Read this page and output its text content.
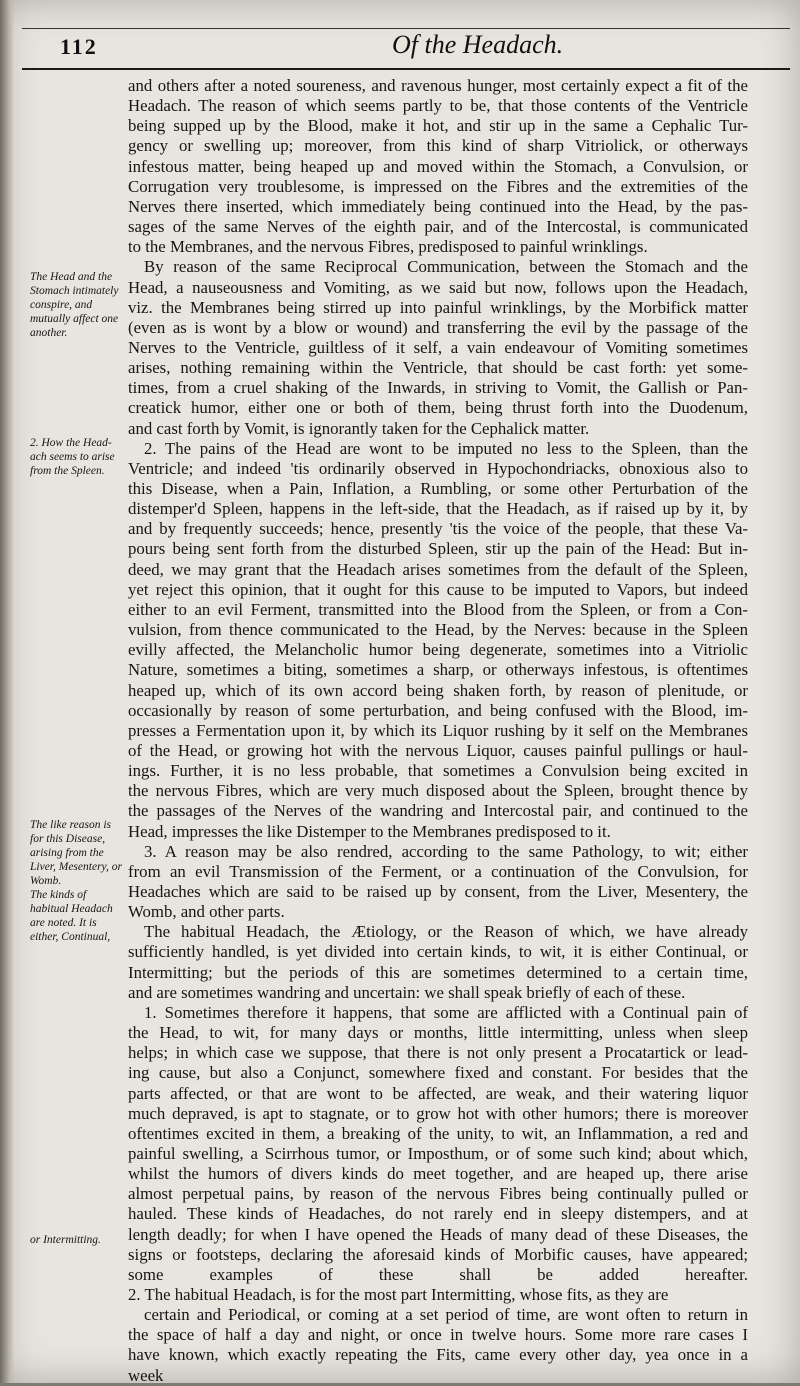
112	Of the Headach.
The Head and the Stomach intimately conspire, and mutually affect one another.
2. How the Head-ach seems to arise from the Spleen.
The like reason is for this Disease, arising from the Liver, Mesentery, or Womb.
The kinds of habitual Headach are noted. It is either, Continual,
or Intermitting.
and others after a noted soureness, and ravenous hunger, most certainly expect a fit of the
Headach. The reason of which seems partly to be, that those contents of the Ventricle
being supped up by the Blood, make it hot, and stir up in the same a Cephalic Tur-
gency or swelling up; moreover, from this kind of sharp Vitriolick, or otherways
infestous matter, being heaped up and moved within the Stomach, a Convulsion, or
Corrugation very troublesome, is impressed on the Fibres and the extremities of the
Nerves there inserted, which immediately being continued into the Head, by the pas-
sages of the same Nerves of the eighth pair, and of the Intercostal, is communicated
to the Membranes, and the nervous Fibres, predisposed to painful wrinklings.
By reason of the same Reciprocal Communication, between the Stomach and the
Head, a nauseousness and Vomiting, as we said but now, follows upon the Headach,
viz. the Membranes being stirred up into painful wrinklings, by the Morbifick matter
(even as is wont by a blow or wound) and transferring the evil by the passage of the
Nerves to the Ventricle, guiltless of it self, a vain endeavour of Vomiting sometimes
arises, nothing remaining within the Ventricle, that should be cast forth: yet some-
times, from a cruel shaking of the Inwards, in striving to Vomit, the Gallish or Pan-
creatick humor, either one or both of them, being thrust forth into the Duodenum,
and cast forth by Vomit, is ignorantly taken for the Cephalick matter.
2. The pains of the Head are wont to be imputed no less to the Spleen, than the
Ventricle; and indeed 'tis ordinarily observed in Hypochondriacks, obnoxious also to
this Disease, when a Pain, Inflation, a Rumbling, or some other Perturbation of the
distemper'd Spleen, happens in the left-side, that the Headach, as if raised up by it, by
and by frequently succeeds; hence, presently 'tis the voice of the people, that these Va-
pours being sent forth from the disturbed Spleen, stir up the pain of the Head: But in-
deed, we may grant that the Headach arises sometimes from the default of the Spleen,
yet reject this opinion, that it ought for this cause to be imputed to Vapors, but indeed
either to an evil Ferment, transmitted into the Blood from the Spleen, or from a Con-
vulsion, from thence communicated to the Head, by the Nerves: because in the Spleen
evilly affected, the Melancholic humor being degenerate, sometimes into a Vitriolic
Nature, sometimes a biting, sometimes a sharp, or otherways infestous, is oftentimes
heaped up, which of its own accord being shaken forth, by reason of plenitude, or
occasionally by reason of some perturbation, and being confused with the Blood, im-
presses a Fermentation upon it, by which its Liquor rushing by it self on the Membranes
of the Head, or growing hot with the nervous Liquor, causes painful pullings or haul-
ings. Further, it is no less probable, that sometimes a Convulsion being excited in
the nervous Fibres, which are very much disposed about the Spleen, brought thence by
the passages of the Nerves of the wandring and Intercostal pair, and continued to the
Head, impresses the like Distemper to the Membranes predisposed to it.
3. A reason may be also rendred, according to the same Pathology, to wit; either
from an evil Transmission of the Ferment, or a continuation of the Convulsion, for
Headaches which are said to be raised up by consent, from the Liver, Mesentery, the
Womb, and other parts.
The habitual Headach, the Ætiology, or the Reason of which, we have already
sufficiently handled, is yet divided into certain kinds, to wit, it is either Continual, or
Intermitting; but the periods of this are sometimes determined to a certain time,
and are sometimes wandring and uncertain: we shall speak briefly of each of these.
1. Sometimes therefore it happens, that some are afflicted with a Continual pain of
the Head, to wit, for many days or months, little intermitting, unless when sleep
helps; in which case we suppose, that there is not only present a Procatartick or lead-
ing cause, but also a Conjunct, somewhere fixed and constant. For besides that the
parts affected, or that are wont to be affected, are weak, and their watering liquor
much depraved, is apt to stagnate, or to grow hot with other humors; there is moreover
oftentimes excited in them, a breaking of the unity, to wit, an Inflammation, a red and
painful swelling, a Scirrhous tumor, or Imposthum, or of some such kind; about which,
whilst the humors of divers kinds do meet together, and are heaped up, there arise
almost perpetual pains, by reason of the nervous Fibres being continually pulled or
hauled. These kinds of Headaches, do not rarely end in sleepy distempers, and at
length deadly; for when I have opened the Heads of many dead of these Diseases, the
signs or footsteps, declaring the aforesaid kinds of Morbific causes, have appeared;
some examples of these shall be added hereafter.
2. The habitual Headach, is for the most part Intermitting, whose fits, as they are
certain and Periodical, or coming at a set period of time, are wont often to return in
the space of half a day and night, or once in twelve hours. Some more rare cases I
have known, which exactly repeating the Fits, came every other day, yea once in a
week
